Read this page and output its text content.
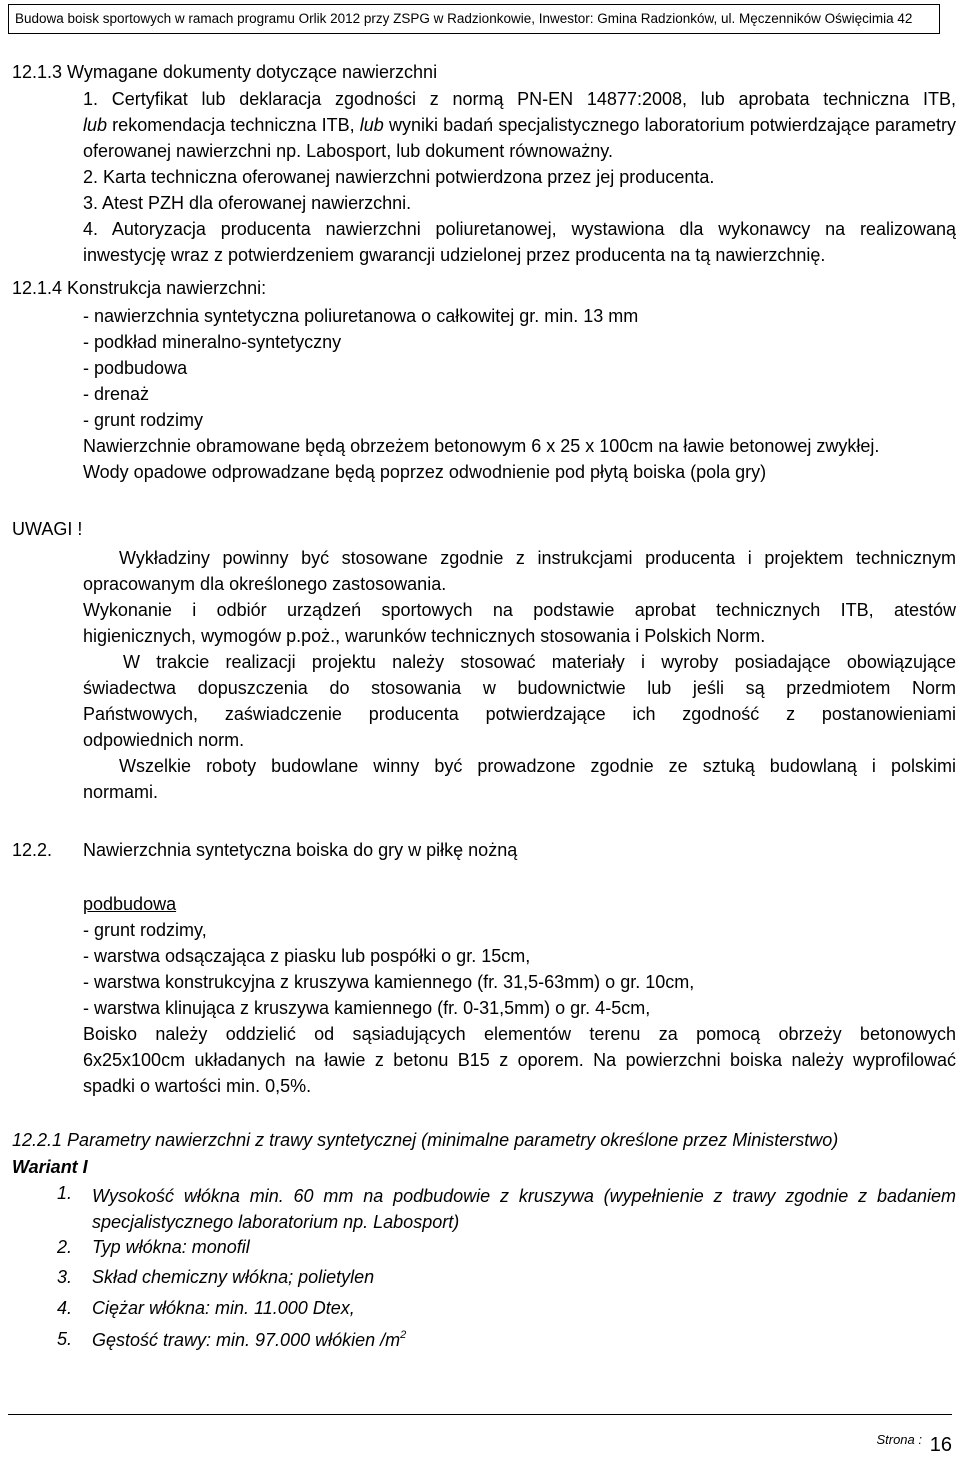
Budowa boisk sportowych w ramach programu Orlik 2012 przy ZSPG w Radzionkowie, Inwestor: Gmina Radzionków, ul. Męczenników Oświęcimia 42
12.1.3 Wymagane dokumenty dotyczące nawierzchni
1. Certyfikat lub deklaracja zgodności z normą PN-EN 14877:2008, lub aprobata techniczna ITB,
lub rekomendacja techniczna ITB, lub wyniki badań specjalistycznego laboratorium potwierdzające parametry
oferowanej nawierzchni np. Labosport, lub dokument równoważny.
2. Karta techniczna oferowanej nawierzchni potwierdzona przez jej producenta.
3. Atest PZH dla oferowanej nawierzchni.
4. Autoryzacja producenta nawierzchni poliuretanowej, wystawiona dla wykonawcy na realizowaną
inwestycję wraz z potwierdzeniem gwarancji udzielonej przez producenta na tą nawierzchnię.
12.1.4 Konstrukcja nawierzchni:
- nawierzchnia syntetyczna poliuretanowa o całkowitej gr. min. 13 mm
- podkład mineralno-syntetyczny
- podbudowa
- drenaż
- grunt rodzimy
Nawierzchnie obramowane będą obrzeżem betonowym 6 x 25 x 100cm na ławie betonowej zwykłej.
Wody opadowe odprowadzane będą poprzez odwodnienie pod płytą boiska (pola gry)
UWAGI !
Wykładziny powinny być stosowane zgodnie z instrukcjami producenta i projektem technicznym
opracowanym dla określonego zastosowania.
Wykonanie i odbiór urządzeń sportowych na podstawie aprobat technicznych ITB, atestów
higienicznych, wymogów p.poż., warunków technicznych stosowania i Polskich Norm.
W trakcie realizacji projektu należy stosować materiały i wyroby posiadające obowiązujące
świadectwa dopuszczenia do stosowania w budownictwie lub jeśli są przedmiotem Norm
Państwowych, zaświadczenie producenta potwierdzające ich zgodność z postanowieniami
odpowiednich norm.
Wszelkie roboty budowlane winny być prowadzone zgodnie ze sztuką budowlaną i polskimi
normami.
12.2. Nawierzchnia syntetyczna boiska do gry w piłkę nożną
podbudowa
- grunt rodzimy,
- warstwa odsączająca z piasku lub pospółki o gr. 15cm,
- warstwa konstrukcyjna z kruszywa kamiennego (fr. 31,5-63mm) o gr. 10cm,
- warstwa klinująca z kruszywa kamiennego (fr. 0-31,5mm) o gr. 4-5cm,
Boisko należy oddzielić od sąsiadujących elementów terenu za pomocą obrzeży betonowych
6x25x100cm układanych na ławie z betonu B15 z oporem. Na powierzchni boiska należy wyprofilować
spadki o wartości min. 0,5%.
12.2.1 Parametry nawierzchni z trawy syntetycznej (minimalne parametry określone przez Ministerstwo)
Wariant I
1. Wysokość włókna min. 60 mm na podbudowie z kruszywa (wypełnienie z trawy zgodnie z badaniem
specjalistycznego laboratorium np. Labosport)
2. Typ włókna: monofil
3. Skład chemiczny włókna; polietylen
4. Ciężar włókna: min. 11.000 Dtex,
5. Gęstość trawy: min. 97.000 włókien $/m^2$
Strona : 16
